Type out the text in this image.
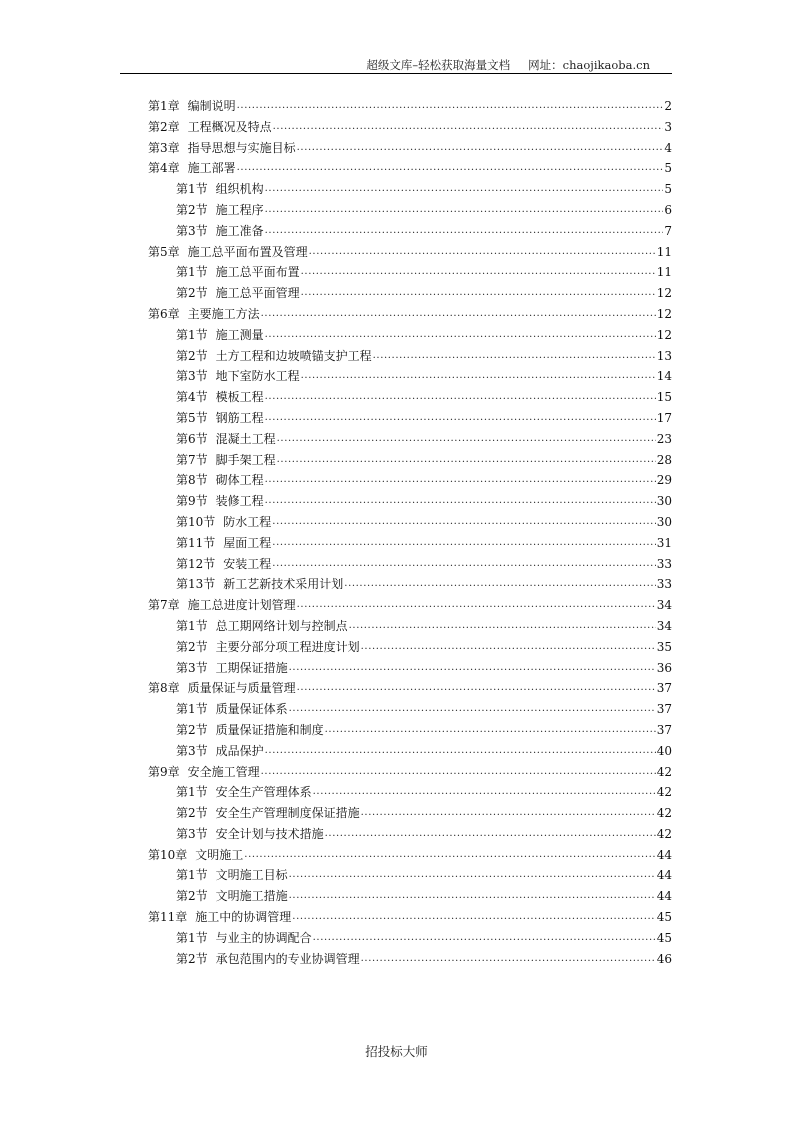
超级文库–轻松获取海量文档 网址：chaojikaoba.cn
第1章 编制说明 .....	2
第2章 工程概况及特点 .....	3
第3章 指导思想与实施目标 .....	4
第4章 施工部署 .....	5
第1节 组织机构 .....	5
第2节 施工程序 .....	6
第3节 施工准备 .....	7
第5章 施工总平面布置及管理 .....	11
第1节 施工总平面布置 .....	11
第2节 施工总平面管理 .....	12
第6章 主要施工方法 .....	12
第1节 施工测量 .....	12
第2节 土方工程和边坡喷锚支护工程 .....	13
第3节 地下室防水工程 .....	14
第4节 模板工程 .....	15
第5节 钢筋工程 .....	17
第6节 混凝土工程 .....	23
第7节 脚手架工程 .....	28
第8节 砌体工程 .....	29
第9节 装修工程 .....	30
第10节 防水工程 .....	30
第11节 屋面工程 .....	31
第12节 安装工程 .....	33
第13节 新工艺新技术采用计划 .....	33
第7章 施工总进度计划管理 .....	34
第1节 总工期网络计划与控制点 .....	34
第2节 主要分部分项工程进度计划 .....	35
第3节 工期保证措施 .....	36
第8章 质量保证与质量管理 .....	37
第1节 质量保证体系 .....	37
第2节 质量保证措施和制度 .....	37
第3节 成品保护 .....	40
第9章 安全施工管理 .....	42
第1节 安全生产管理体系 .....	42
第2节 安全生产管理制度保证措施 .....	42
第3节 安全计划与技术措施 .....	42
第10章 文明施工 .....	44
第1节 文明施工目标 .....	44
第2节 文明施工措施 .....	44
第11章 施工中的协调管理 .....	45
第1节 与业主的协调配合 .....	45
第2节 承包范围内的专业协调管理 .....	46
招投标大师
